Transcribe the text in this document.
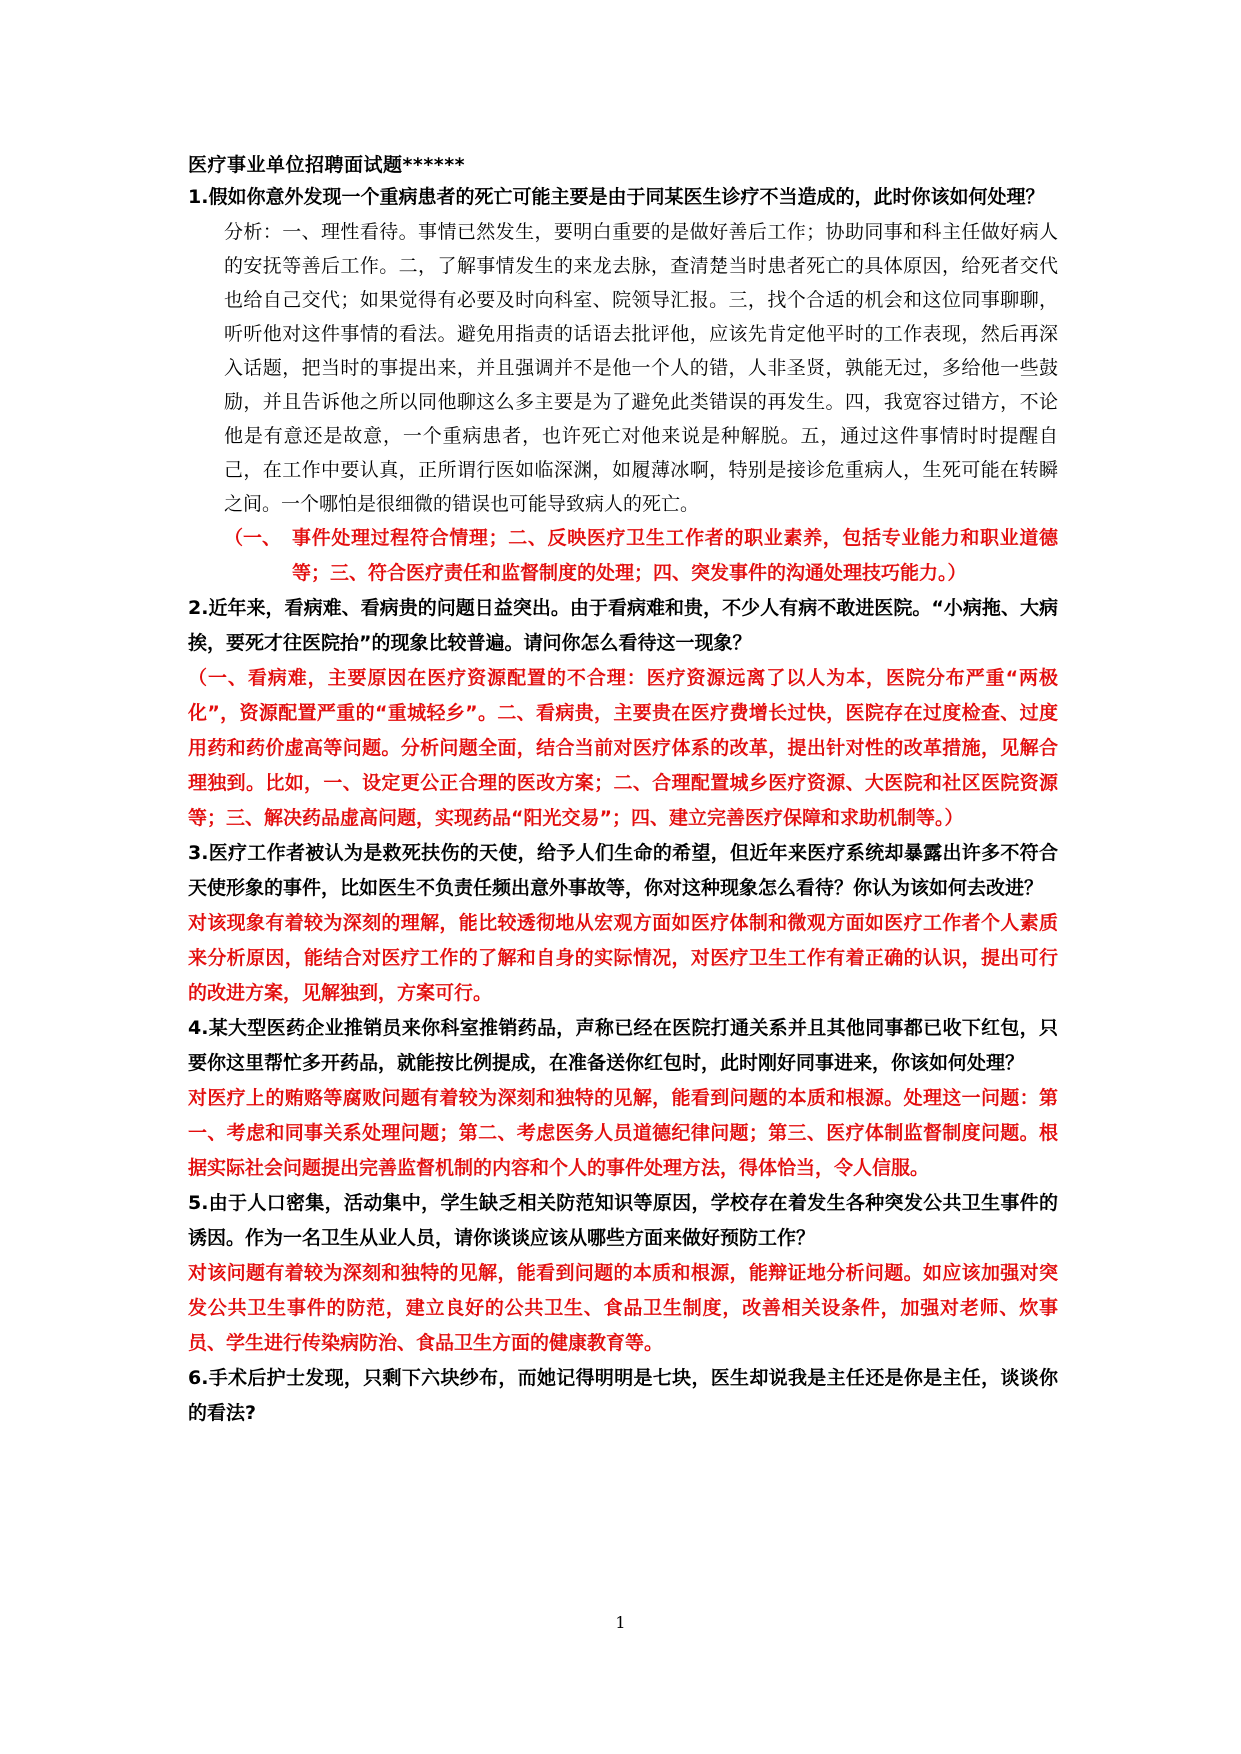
医疗事业单位招聘面试题******
1.假如你意外发现一个重病患者的死亡可能主要是由于同某医生诊疗不当造成的，此时你该如何处理？
分析：一、理性看待。事情已然发生，要明白重要的是做好善后工作；协助同事和科主任做好病人的安抚等善后工作。二，了解事情发生的来龙去脉，查清楚当时患者死亡的具体原因，给死者交代也给自己交代；如果觉得有必要及时向科室、院领导汇报。三，找个合适的机会和这位同事聊聊，听听他对这件事情的看法。避免用指责的话语去批评他，应该先肯定他平时的工作表现，然后再深入话题，把当时的事提出来，并且强调并不是他一个人的错，人非圣贤，孰能无过，多给他一些鼓励，并且告诉他之所以同他聊这么多主要是为了避免此类错误的再发生。四，我宽容过错方，不论他是有意还是故意，一个重病患者，也许死亡对他来说是种解脱。五，通过这件事情时时提醒自己，在工作中要认真，正所谓行医如临深渊，如履薄冰啊，特别是接诊危重病人，生死可能在转瞬之间。一个哪怕是很细微的错误也可能导致病人的死亡。
（一、 事件处理过程符合情理；二、反映医疗卫生工作者的职业素养，包括专业能力和职业道德等；三、符合医疗责任和监督制度的处理；四、突发事件的沟通处理技巧能力。）
2.近年来，看病难、看病贵的问题日益突出。由于看病难和贵，不少人有病不敢进医院。“小病拖、大病挨，要死才往医院抬”的现象比较普遍。请问你怎么看待这一现象？
（一、看病难，主要原因在医疗资源配置的不合理：医疗资源远离了以人为本，医院分布严重“两极化”，资源配置严重的“重城轻乡”。二、看病贵，主要贵在医疗费增长过快，医院存在过度检查、过度用药和药价虚高等问题。分析问题全面，结合当前对医疗体系的改革，提出针对性的改革措施，见解合理独到。比如，一、设定更公正合理的医改方案；二、合理配置城乡医疗资源、大医院和社区医院资源等；三、解决药品虚高问题，实现药品“阳光交易”；四、建立完善医疗保障和求助机制等。）
3.医疗工作者被认为是救死扶伤的天使，给予人们生命的希望，但近年来医疗系统却暴露出许多不符合天使形象的事件，比如医生不负责任频出意外事故等，你对这种现象怎么看待？你认为该如何去改进？
对该现象有着较为深刻的理解，能比较透彻地从宏观方面如医疗体制和微观方面如医疗工作者个人素质来分析原因，能结合对医疗工作的了解和自身的实际情况，对医疗卫生工作有着正确的认识，提出可行的改进方案，见解独到，方案可行。
4.某大型医药企业推销员来你科室推销药品，声称已经在医院打通关系并且其他同事都已收下红包，只要你这里帮忙多开药品，就能按比例提成，在准备送你红包时，此时刚好同事进来，你该如何处理？
对医疗上的贿赂等腐败问题有着较为深刻和独特的见解，能看到问题的本质和根源。处理这一问题：第一、考虑和同事关系处理问题；第二、考虑医务人员道德纪律问题；第三、医疗体制监督制度问题。根据实际社会问题提出完善监督机制的内容和个人的事件处理方法，得体恰当，令人信服。
5.由于人口密集，活动集中，学生缺乏相关防范知识等原因，学校存在着发生各种突发公共卫生事件的诱因。作为一名卫生从业人员，请你谈谈应该从哪些方面来做好预防工作？
对该问题有着较为深刻和独特的见解，能看到问题的本质和根源，能辩证地分析问题。如应该加强对突发公共卫生事件的防范，建立良好的公共卫生、食品卫生制度，改善相关设条件，加强对老师、炊事员、学生进行传染病防治、食品卫生方面的健康教育等。
6.手术后护士发现，只剩下六块纱布，而她记得明明是七块，医生却说我是主任还是你是主任，谈谈你的看法?
1
